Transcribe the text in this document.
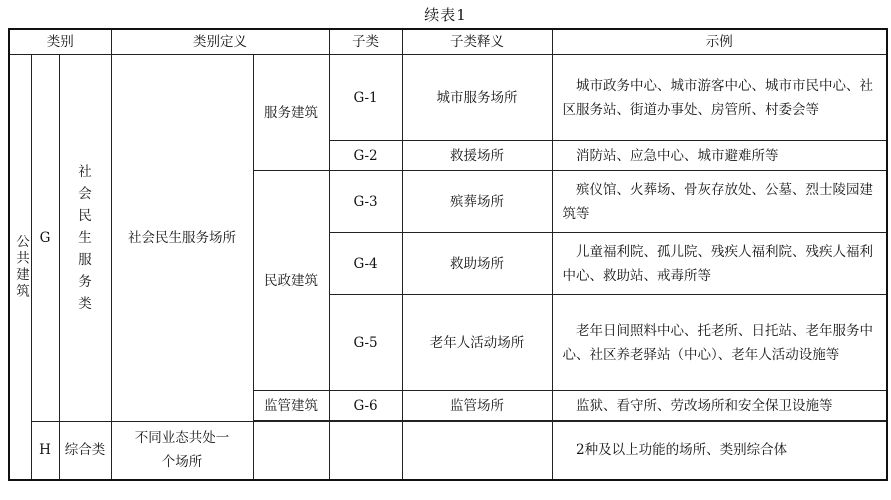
续表1
类别			类别定义		子类	子类释义	示例

公共建筑	G	社会民生服务类	社会民生服务场所	服务建筑	G-1	城市服务场所	城市政务中心、城市游客中心、城市市民中心、社区服务站、街道办事处、房管所、村委会等
					G-2	救援场所	消防站、应急中心、城市避难所等
				民政建筑	G-3	殡葬场所	殡仪馆、火葬场、骨灰存放处、公墓、烈士陵园建筑等
					G-4	救助场所	儿童福利院、孤儿院、残疾人福利院、残疾人福利中心、救助站、戒毒所等
					G-5	老年人活动场所	老年日间照料中心、托老所、日托站、老年服务中心、社区养老驿站（中心）、老年人活动设施等
				监管建筑	G-6	监管场所	监狱、看守所、劳改场所和安全保卫设施等

	H	综合类	不同业态共处一个场所				2种及以上功能的场所、类别综合体
